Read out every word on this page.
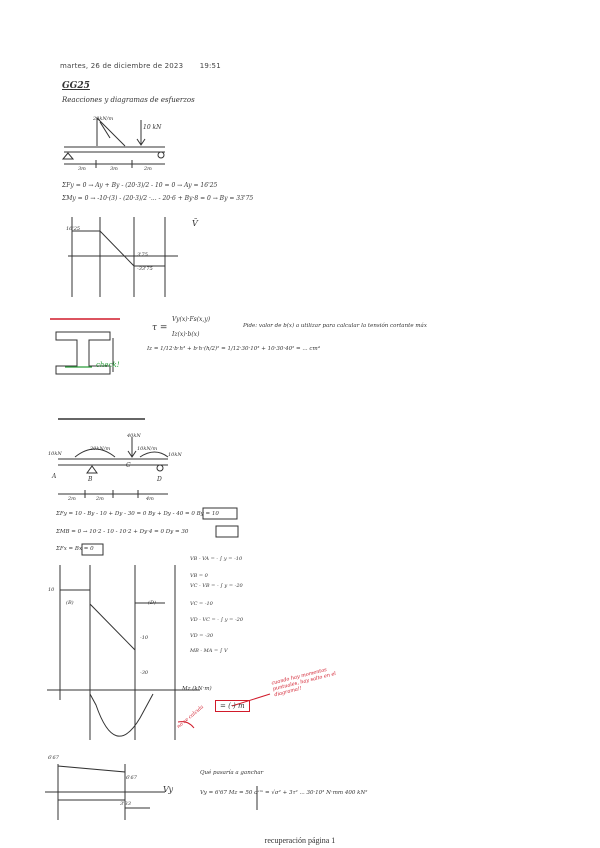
martes, 26 de diciembre de 2023 19:51
GG25
Reacciones y diagramas de esfuerzos
10 kN
20kN/m
3m	3m	2m
ΣFy = 0 → Ay + By - (20·3)/2 - 10 = 0 → Ay = 16'25
ΣMy = 0 → -10·(3) - (20·3)/2 ·... - 20·6 + By·8 = 0 → By = 33'75
Ṽ
16'25
3'75
-33'75
τ =
Vy(x)·Fs(x,y)
Iz(x)·b(x)
Pide: valor de b(x) a utilizar para calcular la tensión cortante máx
Iz = 1/12·b·h³ + b·h·(h/2)² = 1/12·30·10³ + 10·30·40² = ... cm⁴
check!
10kN
20kN/m
40kN
10kN/m
10kN
A	B
C
D
2m	2m	4m
ΣFy = 10 - By - 10 + Dy - 30 = 0 By + Dy - 40 = 0 By = 10
ΣMB = 0 → 10·2 - 10 - 10·2 + Dy·4 = 0 Dy = 30
ΣFx = Bx = 0
VB - VA = - ∫ y = -10
VB = 0
VC - VB = - ∫ y = -20
VC = -10
VD - VC = - ∫ y = -20
VD = -30
MB - MA = ∫ V
10
-10
-30
(B)	(D)
Mz (kN·m)
= (·) m
cuando hay momentos puntuales, hay salto en el diagrama!!
no se calcula
6'67
6'67
3'33
Vy
Qué pasaría a ganchar
Vy = 6'67 Mz = 50 σᵛᵐ = √σ² + 3τ² ... 30·10³ N·mm 400 kN²
recuperación página 1
